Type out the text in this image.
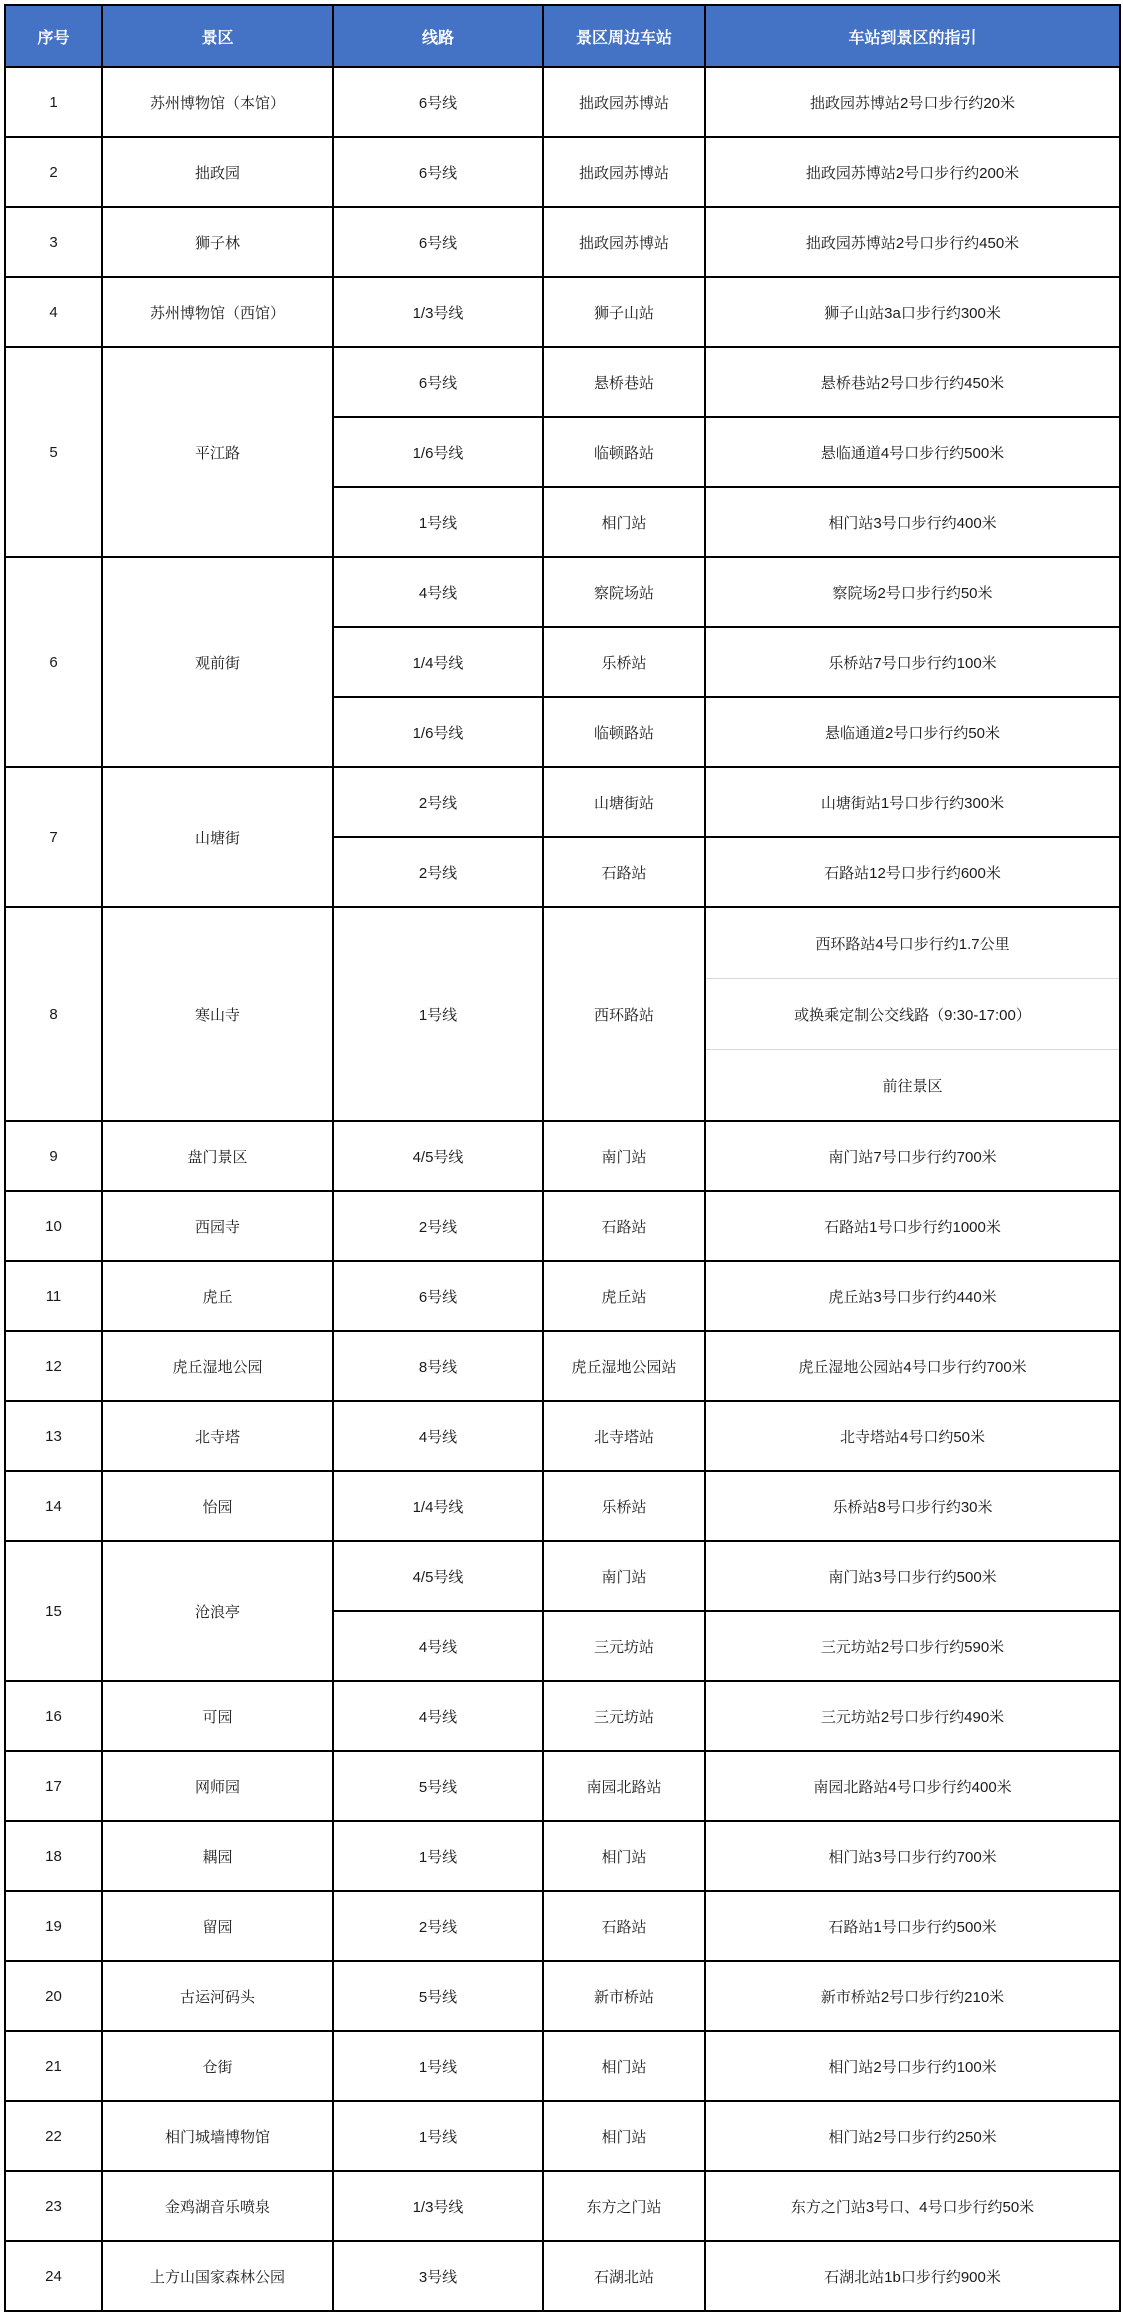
序号	景区	线路	景区周边车站	车站到景区的指引
1	苏州博物馆（本馆）	6号线	拙政园苏博站	拙政园苏博站2号口步行约20米
2	拙政园	6号线	拙政园苏博站	拙政园苏博站2号口步行约200米
3	狮子林	6号线	拙政园苏博站	拙政园苏博站2号口步行约450米
4	苏州博物馆（西馆）	1/3号线	狮子山站	狮子山站3a口步行约300米
5	平江路	6号线	悬桥巷站	悬桥巷站2号口步行约450米
		1/6号线	临顿路站	悬临通道4号口步行约500米
		1号线	相门站	相门站3号口步行约400米
6	观前街	4号线	察院场站	察院场2号口步行约50米
		1/4号线	乐桥站	乐桥站7号口步行约100米
		1/6号线	临顿路站	悬临通道2号口步行约50米
7	山塘街	2号线	山塘街站	山塘街站1号口步行约300米
		2号线	石路站	石路站12号口步行约600米
8	寒山寺	1号线	西环路站	西环路站4号口步行约1.7公里
或换乘定制公交线路（9:30-17:00）
前往景区

9	盘门景区	4/5号线	南门站	南门站7号口步行约700米
10	西园寺	2号线	石路站	石路站1号口步行约1000米
11	虎丘	6号线	虎丘站	虎丘站3号口步行约440米
12	虎丘湿地公园	8号线	虎丘湿地公园站	虎丘湿地公园站4号口步行约700米
13	北寺塔	4号线	北寺塔站	北寺塔站4号口约50米
14	怡园	1/4号线	乐桥站	乐桥站8号口步行约30米
15	沧浪亭	4/5号线	南门站	南门站3号口步行约500米
		4号线	三元坊站	三元坊站2号口步行约590米
16	可园	4号线	三元坊站	三元坊站2号口步行约490米
17	网师园	5号线	南园北路站	南园北路站4号口步行约400米
18	耦园	1号线	相门站	相门站3号口步行约700米
19	留园	2号线	石路站	石路站1号口步行约500米
20	古运河码头	5号线	新市桥站	新市桥站2号口步行约210米
21	仓街	1号线	相门站	相门站2号口步行约100米
22	相门城墙博物馆	1号线	相门站	相门站2号口步行约250米
23	金鸡湖音乐喷泉	1/3号线	东方之门站	东方之门站3号口、4号口步行约50米
24	上方山国家森林公园	3号线	石湖北站	石湖北站1b口步行约900米
